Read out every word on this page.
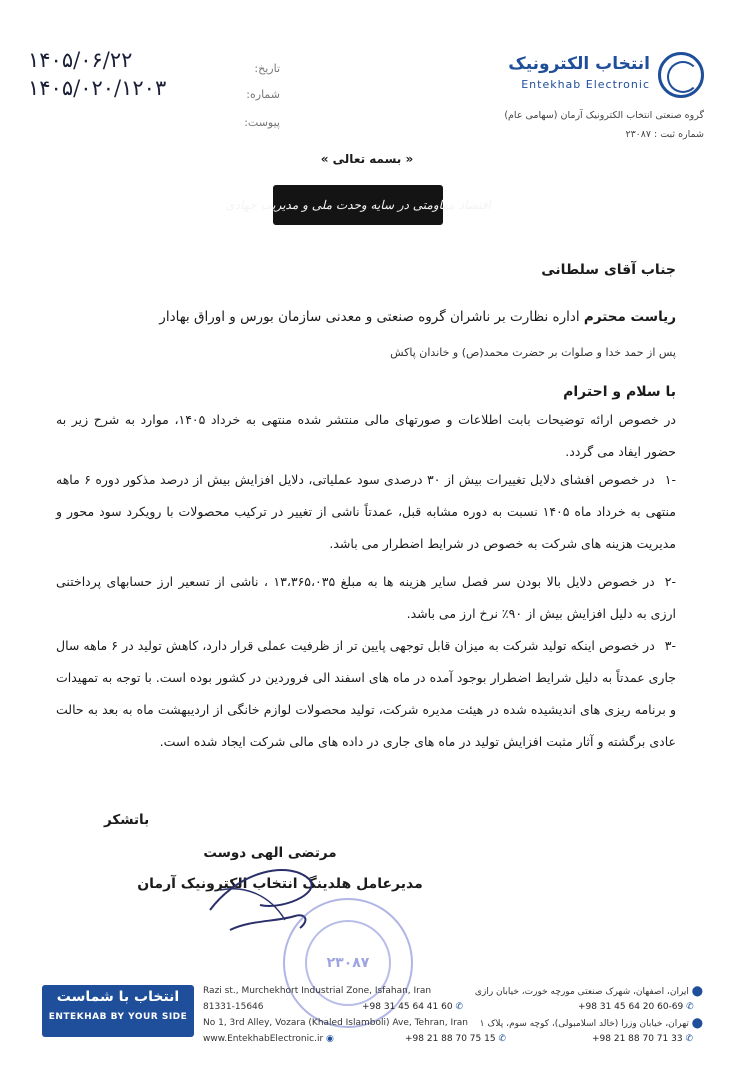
انتخاب الکترونیک
Entekhab Electronic
گروه صنعتی انتخاب الکترونیک آرمان (سهامی عام)
شماره ثبت : ۲۳۰۸۷
تاریخ:
۱۴۰۵/۰۶/۲۲
شماره:
۱۴۰۵/۰۲۰/۱۲۰۳
پیوست:
« بسمه تعالی »
اقتصاد مقاومتی در سایه وحدت ملی و مدیریت جهادی
جناب آقای سلطانی
ریاست محترم اداره نظارت بر ناشران گروه صنعتی و معدنی سازمان بورس و اوراق بهادار
پس از حمد خدا و صلوات بر حضرت محمد(ص) و خاندان پاکش
با سلام و احترام
در خصوص ارائه توضیحات بابت اطلاعات و صورتهای مالی منتشر شده منتهی به خرداد ۱۴۰۵، موارد به شرح زیر به حضور ایفاد می گردد.
-۱در خصوص افشای دلایل تغییرات بیش از ۳۰ درصدی سود عملیاتی، دلایل افزایش بیش از درصد مذکور دوره ۶ ماهه منتهی به خرداد ماه ۱۴۰۵ نسبت به دوره مشابه قبل، عمدتاً ناشی از تغییر در ترکیب محصولات با رویکرد سود محور و مدیریت هزینه های شرکت به خصوص در شرایط اضطرار می باشد.
-۲در خصوص دلایل بالا بودن سر فصل سایر هزینه ها به مبلغ ۱۳،۳۶۵،۰۳۵ ، ناشی از تسعیر ارز حسابهای پرداختنی ارزی به دلیل افزایش بیش از ۹۰٪ نرخ ارز می باشد.
-۳در خصوص اینکه تولید شرکت به میزان قابل توجهی پایین تر از ظرفیت عملی قرار دارد، کاهش تولید در ۶ ماهه سال جاری عمدتاً به دلیل شرایط اضطرار بوجود آمده در ماه های اسفند الی فروردین در کشور بوده است. با توجه به تمهیدات و برنامه ریزی های اندیشیده شده در هیئت مدیره شرکت، تولید محصولات لوازم خانگی از اردیبهشت ماه به بعد به حالت عادی برگشته و آثار مثبت افزایش تولید در ماه های جاری در داده های مالی شرکت ایجاد شده است.
باتشکر
مرتضی الهی دوست
مدیرعامل هلدینگ انتخاب الکترونیک آرمان
۲۳۰۸۷
انتخاب با شماست
ENTEKHAB BY YOUR SIDE
Razi st., Murchekhort Industrial Zone, Isfahan, Iran	⬤ ایران، اصفهان، شهرک صنعتی مورچه خورت، خیابان رازی
81331-15646	+98 31 45 64 41 60 ✆	+98 31 45 64 20 60-69 ✆
No 1, 3rd Alley, Vozara (Khaled Islamboli) Ave, Tehran, Iran	⬤ تهران، خیابان وزرا (خالد اسلامبولی)، کوچه سوم، پلاک ۱
www.EntekhabElectronic.ir ◉	+98 21 88 70 75 15 ✆	+98 21 88 70 71 33 ✆
